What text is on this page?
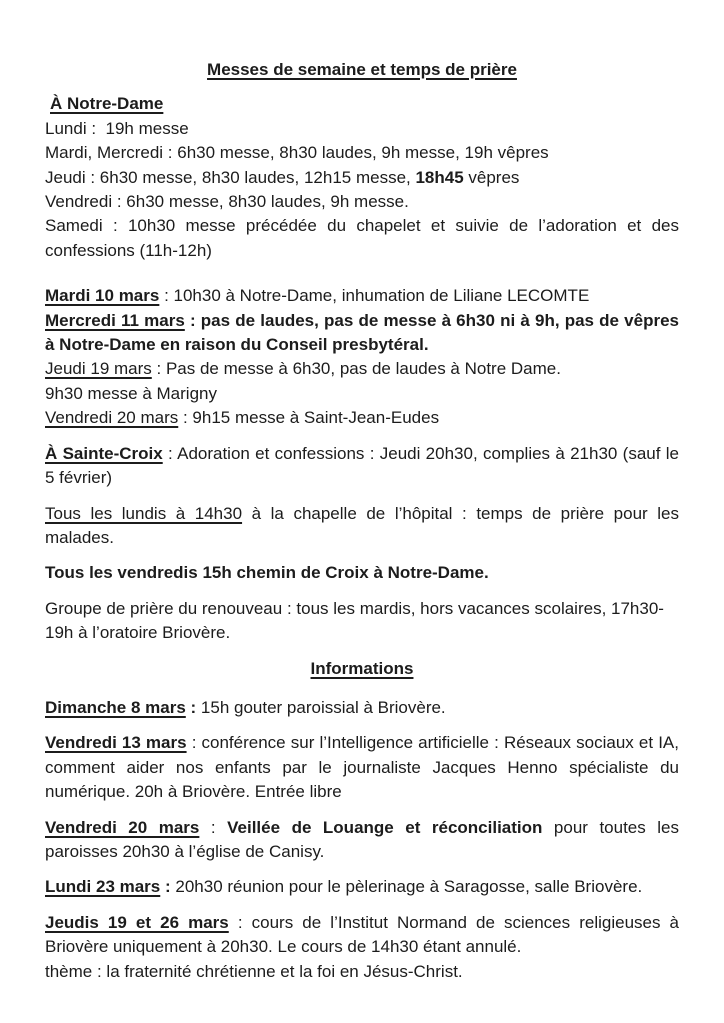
Messes de semaine et temps de prière

À Notre-Dame
Lundi :  19h messe
Mardi, Mercredi : 6h30 messe, 8h30 laudes, 9h messe, 19h vêpres
Jeudi : 6h30 messe, 8h30 laudes, 12h15 messe, 18h45 vêpres
Vendredi : 6h30 messe, 8h30 laudes, 9h messe.
Samedi : 10h30 messe précédée du chapelet et suivie de l’adoration et des confessions (11h-12h)
Mardi 10 mars : 10h30 à Notre-Dame, inhumation de Liliane LECOMTE
Mercredi 11 mars : pas de laudes, pas de messe à 6h30 ni à 9h, pas de vêpres à Notre-Dame en raison du Conseil presbytéral.
Jeudi 19 mars : Pas de messe à 6h30, pas de laudes à Notre Dame.
9h30 messe à Marigny
Vendredi 20 mars : 9h15 messe à Saint-Jean-Eudes

À Sainte-Croix : Adoration et confessions : Jeudi 20h30, complies à 21h30 (sauf le 5 février)

Tous les lundis à 14h30 à la chapelle de l’hôpital : temps de prière pour les malades.

Tous les vendredis 15h chemin de Croix à Notre-Dame.

Groupe de prière du renouveau : tous les mardis, hors vacances scolaires, 17h30-19h à l’oratoire Briovère.

Informations

Dimanche 8 mars : 15h gouter paroissial à Briovère.

Vendredi 13 mars : conférence sur l’Intelligence artificielle : Réseaux sociaux et IA, comment aider nos enfants par le journaliste Jacques Henno spécialiste du numérique. 20h à Briovère. Entrée libre

Vendredi 20 mars : Veillée de Louange et réconciliation pour toutes les paroisses 20h30 à l’église de Canisy.

Lundi 23 mars : 20h30 réunion pour le pèlerinage à Saragosse, salle Briovère.

Jeudis 19 et 26 mars : cours de l’Institut Normand de sciences religieuses à Briovère uniquement à 20h30. Le cours de 14h30 étant annulé.
thème : la fraternité chrétienne et la foi en Jésus-Christ.
